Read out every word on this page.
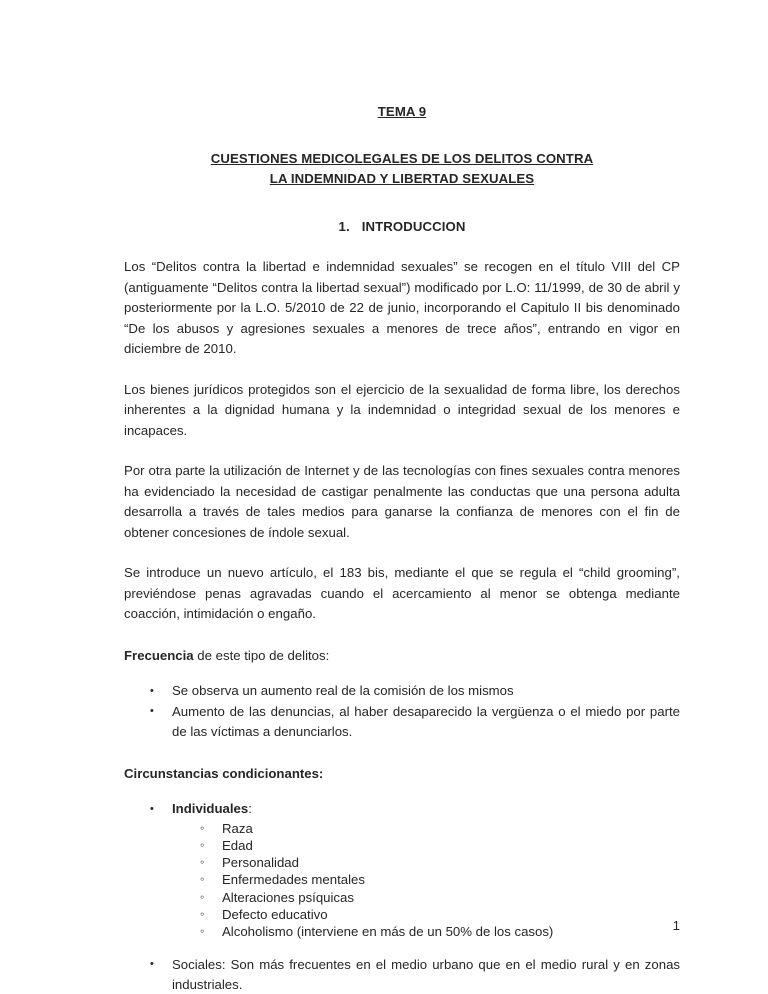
TEMA 9
CUESTIONES MEDICOLEGALES DE LOS DELITOS CONTRA
LA INDEMNIDAD Y LIBERTAD SEXUALES
1. INTRODUCCION

Los “Delitos contra la libertad e indemnidad sexuales” se recogen en el título VIII del CP (antiguamente “Delitos contra la libertad sexual”) modificado por L.O: 11/1999, de 30 de abril y posteriormente por la L.O. 5/2010 de 22 de junio, incorporando el Capitulo II bis denominado “De los abusos y agresiones sexuales a menores de trece años”, entrando en vigor en diciembre de 2010.

Los bienes jurídicos protegidos son el ejercicio de la sexualidad de forma libre, los derechos inherentes a la dignidad humana y la indemnidad o integridad sexual de los menores e incapaces.

Por otra parte la utilización de Internet y de las tecnologías con fines sexuales contra menores ha evidenciado la necesidad de castigar penalmente las conductas que una persona adulta desarrolla a través de tales medios para ganarse la confianza de menores con el fin de obtener concesiones de índole sexual.

Se introduce un nuevo artículo, el 183 bis, mediante el que se regula el “child grooming”, previéndose penas agravadas cuando el acercamiento al menor se obtenga mediante coacción, intimidación o engaño.

Frecuencia de este tipo de delitos:

• Se observa un aumento real de la comisión de los mismos
• Aumento de las denuncias, al haber desaparecido la vergüenza o el miedo por parte de las víctimas a denunciarlos.

Circunstancias condicionantes:

• Individuales:
◦ Raza
◦ Edad
◦ Personalidad
◦ Enfermedades mentales
◦ Alteraciones psíquicas
◦ Defecto educativo
◦ Alcoholismo (interviene en más de un 50% de los casos)
• Sociales: Son más frecuentes en el medio urbano que en el medio rural y en zonas industriales.
1
